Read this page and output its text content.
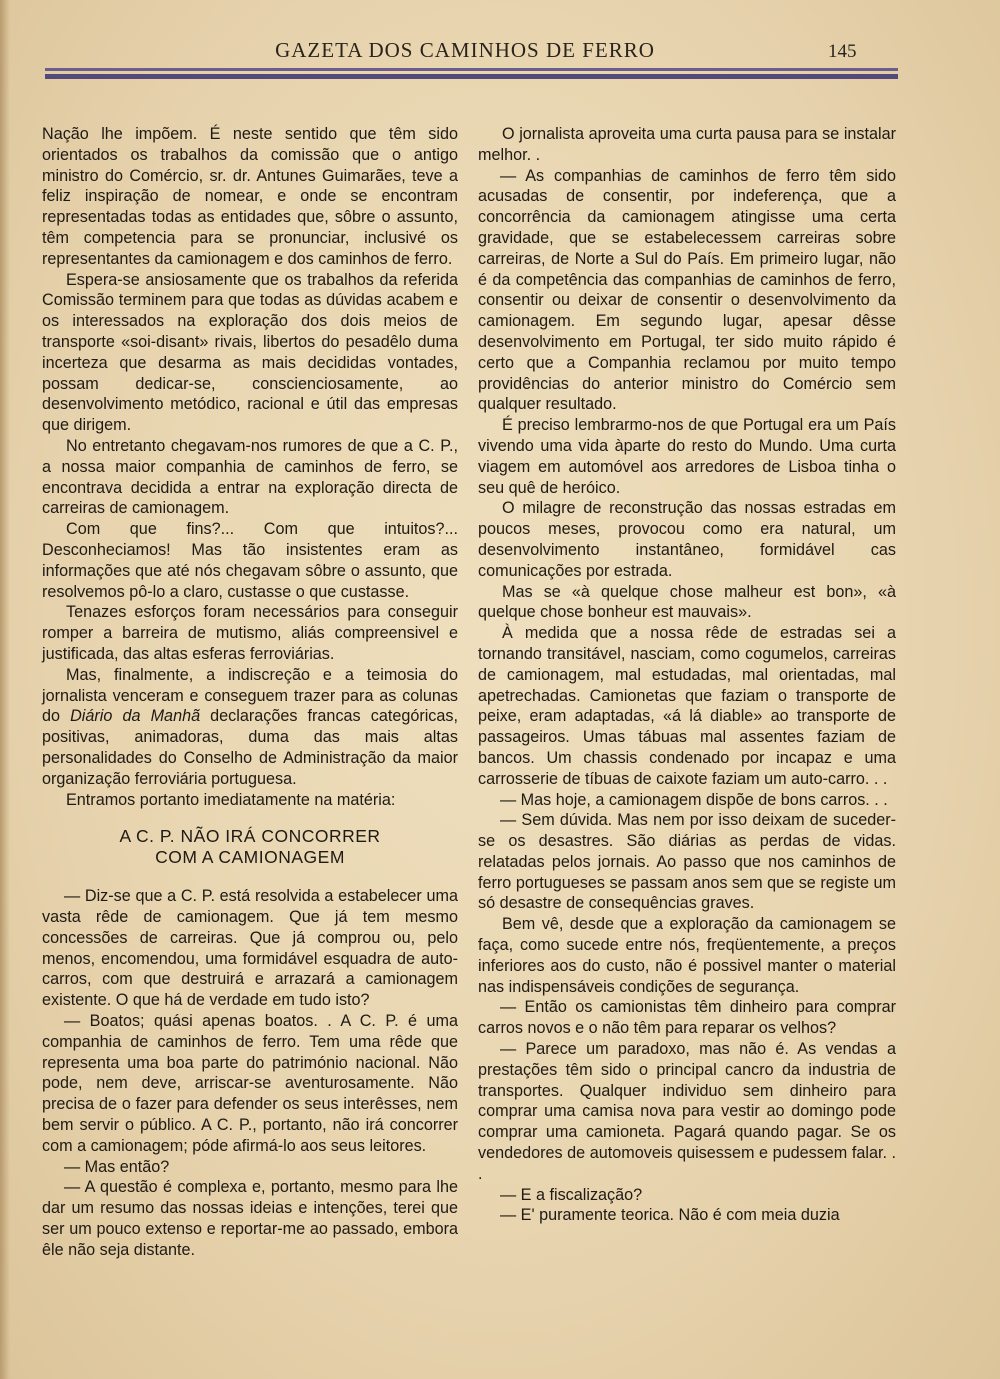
GAZETA DOS CAMINHOS DE FERRO	145

Nação lhe impõem. É neste sentido que têm sido orientados os trabalhos da comissão que o antigo ministro do Comércio, sr. dr. Antunes Guimarães, teve a feliz inspiração de nomear, e onde se encontram representadas todas as entidades que, sôbre o assunto, têm competencia para se pronunciar, inclusivé os representantes da camionagem e dos caminhos de ferro.

Espera-se ansiosamente que os trabalhos da referida Comissão terminem para que todas as dúvidas acabem e os interessados na exploração dos dois meios de transporte «soi-disant» rivais, libertos do pesadêlo duma incerteza que desarma as mais decididas vontades, possam dedicar-se, conscienciosamente, ao desenvolvimento metódico, racional e útil das empresas que dirigem.

No entretanto chegavam-nos rumores de que a C. P., a nossa maior companhia de caminhos de ferro, se encontrava decidida a entrar na exploração directa de carreiras de camionagem.

Com que fins?... Com que intuitos?... Desconheciamos! Mas tão insistentes eram as informações que até nós chegavam sôbre o assunto, que resolvemos pô-lo a claro, custasse o que custasse.

Tenazes esforços foram necessários para conseguir romper a barreira de mutismo, aliás compreensivel e justificada, das altas esferas ferroviárias.

Mas, finalmente, a indiscreção e a teimosia do jornalista venceram e conseguem trazer para as colunas do Diário da Manhã declarações francas categóricas, positivas, animadoras, duma das mais altas personalidades do Conselho de Administração da maior organização ferroviária portuguesa.

Entramos portanto imediatamente na matéria:

A C. P. NÃO IRÁ CONCORRER
COM A CAMIONAGEM

— Diz-se que a C. P. está resolvida a estabelecer uma vasta rêde de camionagem. Que já tem mesmo concessões de carreiras. Que já comprou ou, pelo menos, encomendou, uma formidável esquadra de auto-carros, com que destruirá e arrazará a camionagem existente. O que há de verdade em tudo isto?

— Boatos; quási apenas boatos. . A C. P. é uma companhia de caminhos de ferro. Tem uma rêde que representa uma boa parte do património nacional. Não pode, nem deve, arriscar-se aventurosamente. Não precisa de o fazer para defender os seus interêsses, nem bem servir o público. A C. P., portanto, não irá concorrer com a camionagem; póde afirmá-lo aos seus leitores.

— Mas então?

— A questão é complexa e, portanto, mesmo para lhe dar um resumo das nossas ideias e intenções, terei que ser um pouco extenso e reportar-me ao passado, embora êle não seja distante.

O jornalista aproveita uma curta pausa para se instalar melhor. .

— As companhias de caminhos de ferro têm sido acusadas de consentir, por indeferença, que a concorrência da camionagem atingisse uma certa gravidade, que se estabelecessem carreiras sobre carreiras, de Norte a Sul do País. Em primeiro lugar, não é da competência das companhias de caminhos de ferro, consentir ou deixar de consentir o desenvolvimento da camionagem. Em segundo lugar, apesar dêsse desenvolvimento em Portugal, ter sido muito rápido é certo que a Companhia reclamou por muito tempo providências do anterior ministro do Comércio sem qualquer resultado.

É preciso lembrarmo-nos de que Portugal era um País vivendo uma vida àparte do resto do Mundo. Uma curta viagem em automóvel aos arredores de Lisboa tinha o seu quê de heróico.

O milagre de reconstrução das nossas estradas em poucos meses, provocou como era natural, um desenvolvimento instantâneo, formidável cas comunicações por estrada.

Mas se «à quelque chose malheur est bon», «à quelque chose bonheur est mauvais».

À medida que a nossa rêde de estradas sei a tornando transitável, nasciam, como cogumelos, carreiras de camionagem, mal estudadas, mal orientadas, mal apetrechadas. Camionetas que faziam o transporte de peixe, eram adaptadas, «á lá diable» ao transporte de passageiros. Umas tábuas mal assentes faziam de bancos. Um chassis condenado por incapaz e uma carrosserie de tíbuas de caixote faziam um auto-carro. . .

— Mas hoje, a camionagem dispõe de bons carros. . .

— Sem dúvida. Mas nem por isso deixam de suceder-se os desastres. São diárias as perdas de vidas. relatadas pelos jornais. Ao passo que nos caminhos de ferro portugueses se passam anos sem que se registe um só desastre de consequências graves.

Bem vê, desde que a exploração da camionagem se faça, como sucede entre nós, freqüentemente, a preços inferiores aos do custo, não é possivel manter o material nas indispensáveis condições de segurança.

— Então os camionistas têm dinheiro para comprar carros novos e o não têm para reparar os velhos?

— Parece um paradoxo, mas não é. As vendas a prestações têm sido o principal cancro da industria de transportes. Qualquer individuo sem dinheiro para comprar uma camisa nova para vestir ao domingo pode comprar uma camioneta. Pagará quando pagar. Se os vendedores de automoveis quisessem e pudessem falar. . .

— E a fiscalização?

— E' puramente teorica. Não é com meia duzia
